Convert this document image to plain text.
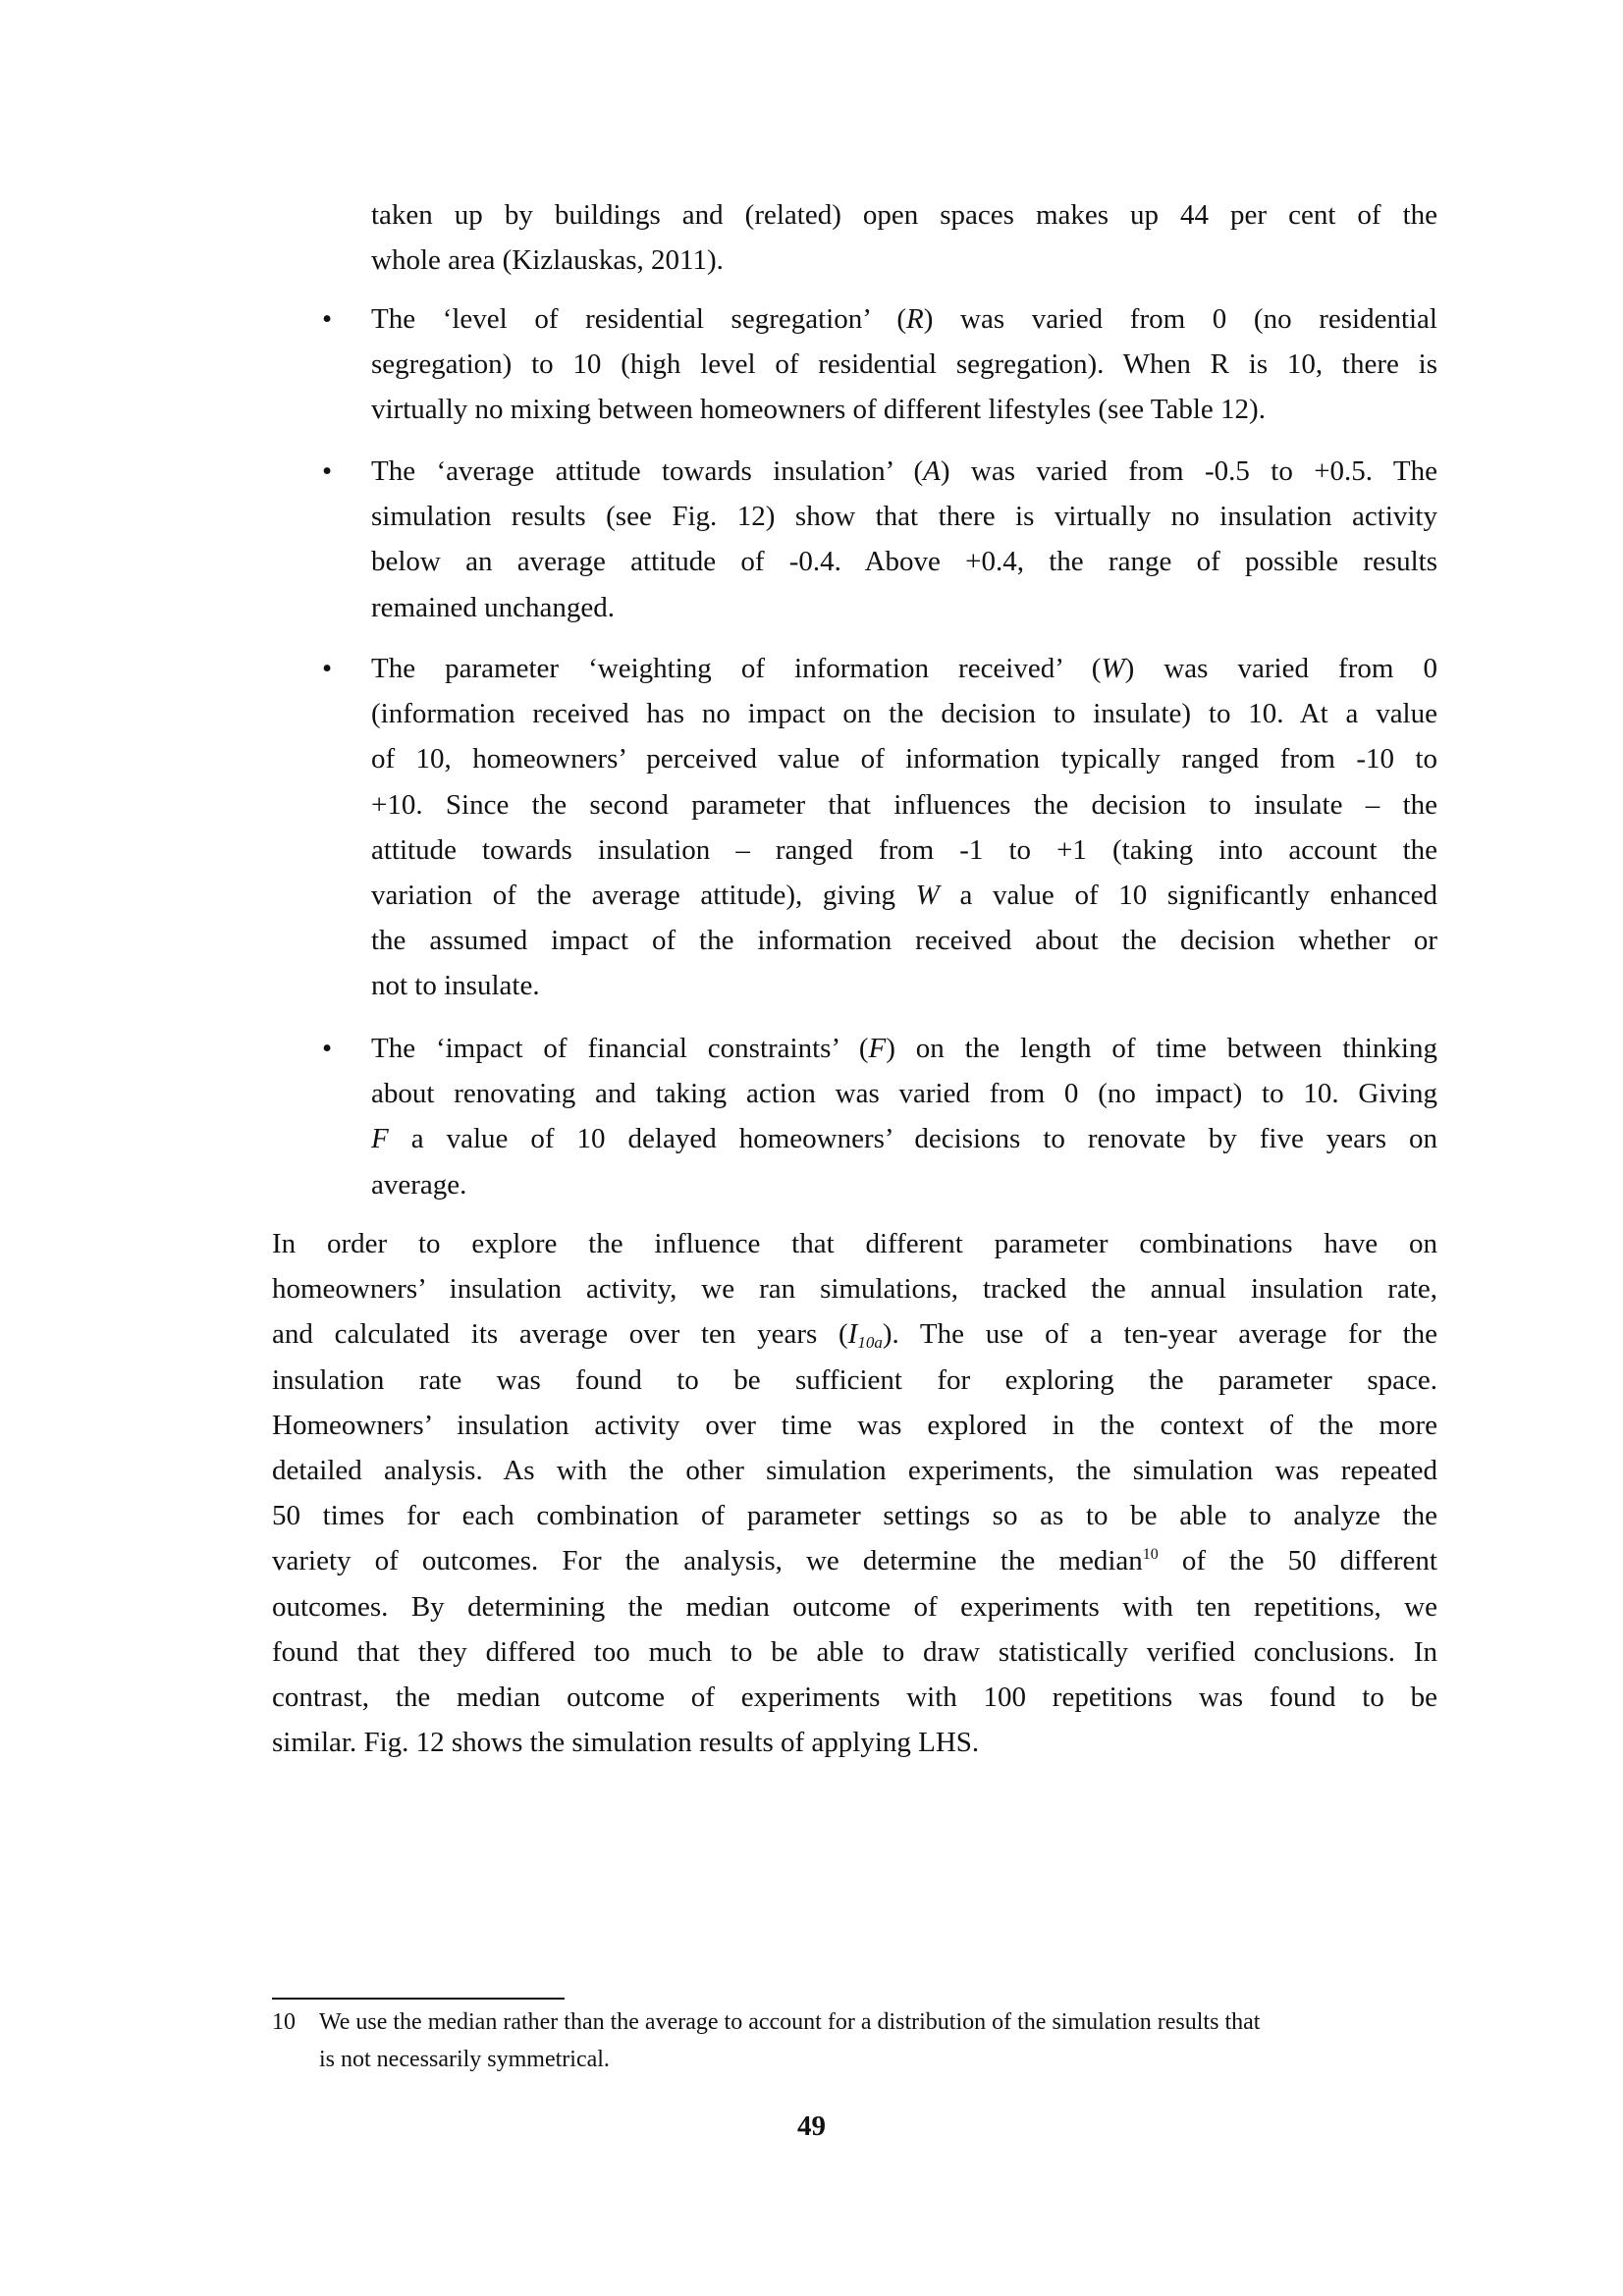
taken up by buildings and (related) open spaces makes up 44 per cent of the
whole area (Kizlauskas, 2011).
•	The ‘level of residential segregation’ (R) was varied from 0 (no residential
segregation) to 10 (high level of residential segregation). When R is 10, there is
virtually no mixing between homeowners of different lifestyles (see Table 12).
•	The ‘average attitude towards insulation’ (A) was varied from -0.5 to +0.5. The
simulation results (see Fig. 12) show that there is virtually no insulation activity
below an average attitude of -0.4. Above +0.4, the range of possible results
remained unchanged.
•	The parameter ‘weighting of information received’ (W) was varied from 0
(information received has no impact on the decision to insulate) to 10. At a value
of 10, homeowners’ perceived value of information typically ranged from -10 to
+10. Since the second parameter that influences the decision to insulate – the
attitude towards insulation – ranged from -1 to +1 (taking into account the
variation of the average attitude), giving W a value of 10 significantly enhanced
the assumed impact of the information received about the decision whether or
not to insulate.
•	The ‘impact of financial constraints’ (F) on the length of time between thinking
about renovating and taking action was varied from 0 (no impact) to 10. Giving
F a value of 10 delayed homeowners’ decisions to renovate by five years on
average.
In order to explore the influence that different parameter combinations have on
homeowners’ insulation activity, we ran simulations, tracked the annual insulation rate,
and calculated its average over ten years $(I_{10a})$. The use of a ten-year average for the
insulation rate was found to be sufficient for exploring the parameter space.
Homeowners’ insulation activity over time was explored in the context of the more
detailed analysis. As with the other simulation experiments, the simulation was repeated
50 times for each combination of parameter settings so as to be able to analyze the
variety of outcomes. For the analysis, we determine the median$^{10}$ of the 50 different
outcomes. By determining the median outcome of experiments with ten repetitions, we
found that they differed too much to be able to draw statistically verified conclusions. In
contrast, the median outcome of experiments with 100 repetitions was found to be
similar. Fig. 12 shows the simulation results of applying LHS.
10 We use the median rather than the average to account for a distribution of the simulation results that
is not necessarily symmetrical.
49
